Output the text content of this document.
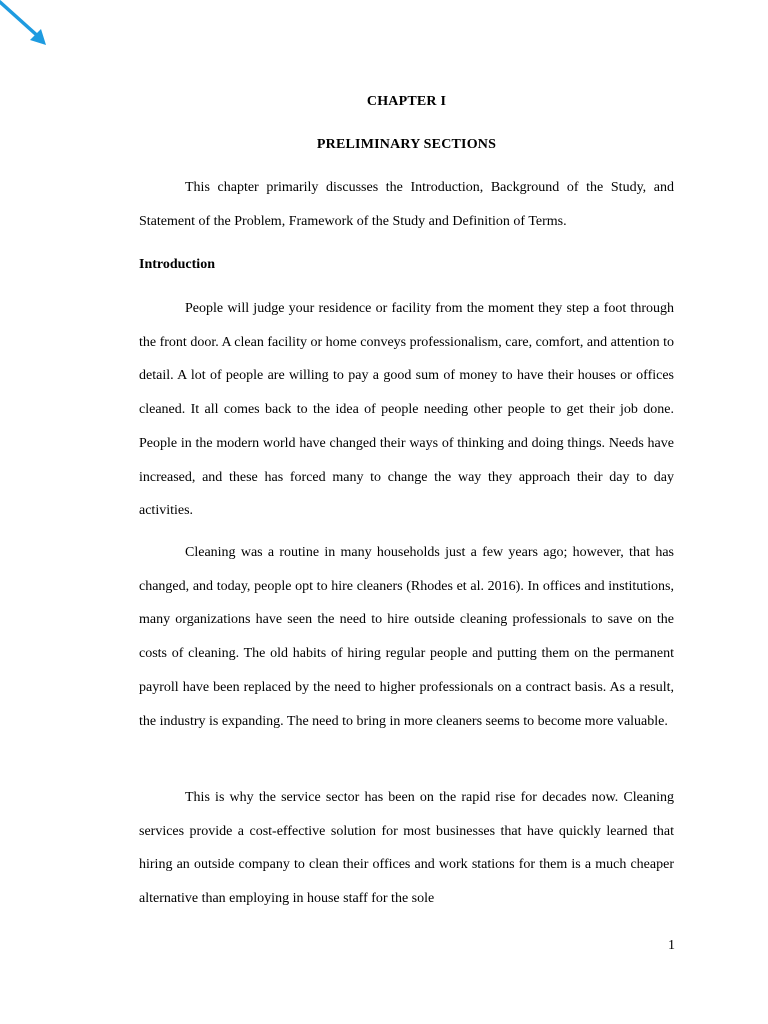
CHAPTER I
PRELIMINARY SECTIONS

This chapter primarily discusses the Introduction, Background of the Study, and Statement of the Problem, Framework of the Study and Definition of Terms.

Introduction

People will judge your residence or facility from the moment they step a foot through the front door. A clean facility or home conveys professionalism, care, comfort, and attention to detail. A lot of people are willing to pay a good sum of money to have their houses or offices cleaned. It all comes back to the idea of people needing other people to get their job done. People in the modern world have changed their ways of thinking and doing things. Needs have increased, and these has forced many to change the way they approach their day to day activities.

Cleaning was a routine in many households just a few years ago; however, that has changed, and today, people opt to hire cleaners (Rhodes et al. 2016). In offices and institutions, many organizations have seen the need to hire outside cleaning professionals to save on the costs of cleaning. The old habits of hiring regular people and putting them on the permanent payroll have been replaced by the need to higher professionals on a contract basis. As a result, the industry is expanding. The need to bring in more cleaners seems to become more valuable.

This is why the service sector has been on the rapid rise for decades now. Cleaning services provide a cost-effective solution for most businesses that have quickly learned that hiring an outside company to clean their offices and work stations for them is a much cheaper alternative than employing in house staff for the sole

1
